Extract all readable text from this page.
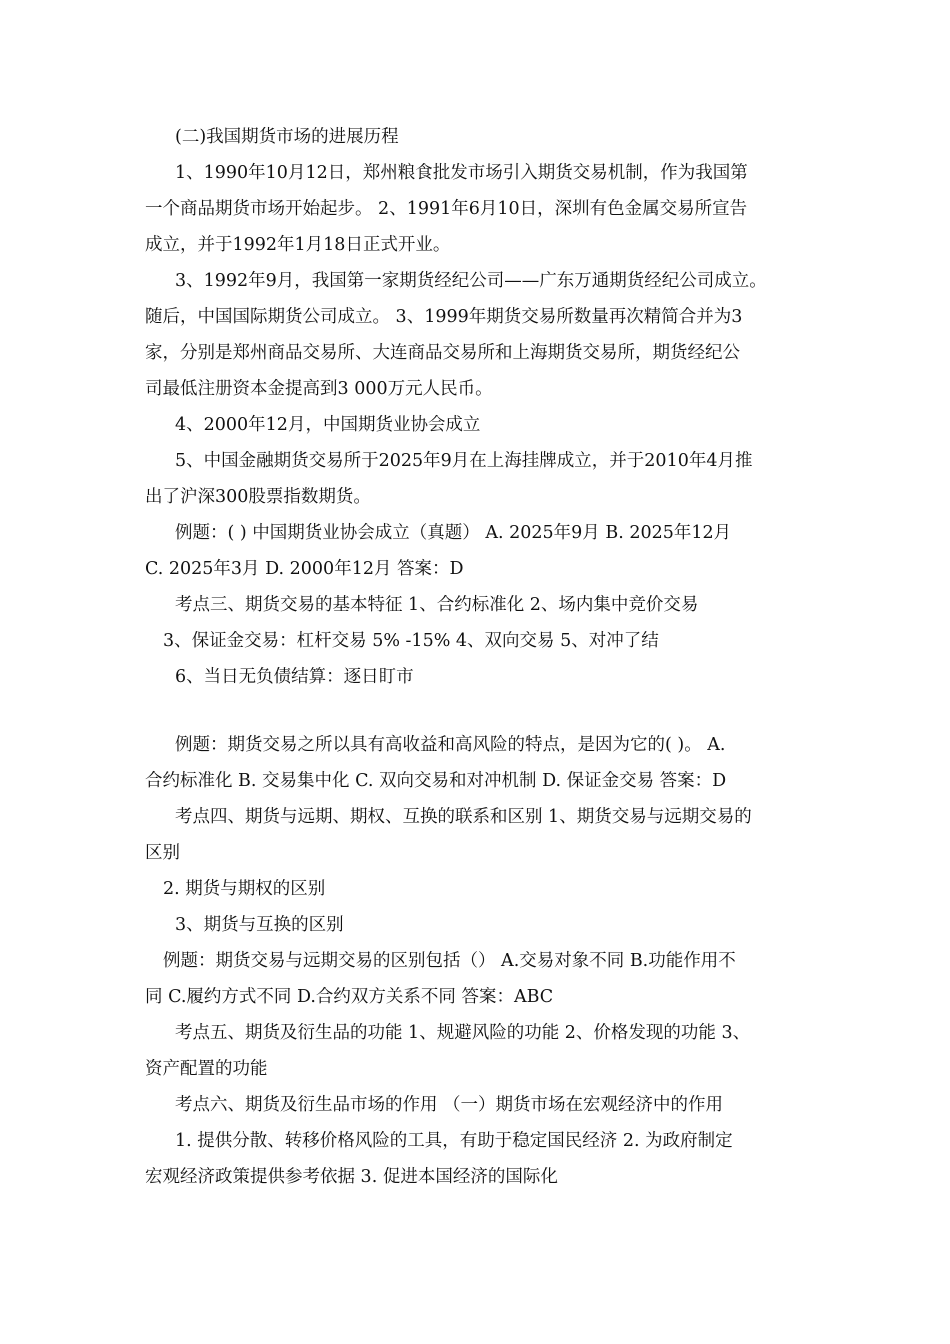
(二)我国期货市场的进展历程
1、1990年10月12日，郑州粮食批发市场引入期货交易机制，作为我国第
一个商品期货市场开始起步。 2、1991年6月10日，深圳有色金属交易所宣告
成立，并于1992年1月18日正式开业。
3、1992年9月，我国第一家期货经纪公司——广东万通期货经纪公司成立。
随后，中国国际期货公司成立。 3、1999年期货交易所数量再次精简合并为3
家，分别是郑州商品交易所、大连商品交易所和上海期货交易所，期货经纪公
司最低注册资本金提高到3 000万元人民币。
4、2000年12月，中国期货业协会成立
5、中国金融期货交易所于2025年9月在上海挂牌成立，并于2010年4月推
出了沪深300股票指数期货。
例题：( ) 中国期货业协会成立（真题） A. 2025年9月 B. 2025年12月
C. 2025年3月 D. 2000年12月 答案：D
考点三、期货交易的基本特征 1、合约标准化 2、场内集中竞价交易
3、保证金交易：杠杆交易 5% -15% 4、双向交易 5、对冲了结
6、当日无负债结算：逐日盯市
例题：期货交易之所以具有高收益和高风险的特点，是因为它的( )。 A.
合约标准化 B. 交易集中化 C. 双向交易和对冲机制 D. 保证金交易 答案：D
考点四、期货与远期、期权、互换的联系和区别 1、期货交易与远期交易的
区别
2. 期货与期权的区别
3、期货与互换的区别
例题：期货交易与远期交易的区别包括（） A.交易对象不同 B.功能作用不
同 C.履约方式不同 D.合约双方关系不同 答案：ABC
考点五、期货及衍生品的功能 1、规避风险的功能 2、价格发现的功能 3、
资产配置的功能
考点六、期货及衍生品市场的作用 （一）期货市场在宏观经济中的作用
1. 提供分散、转移价格风险的工具，有助于稳定国民经济 2. 为政府制定
宏观经济政策提供参考依据 3. 促进本国经济的国际化
